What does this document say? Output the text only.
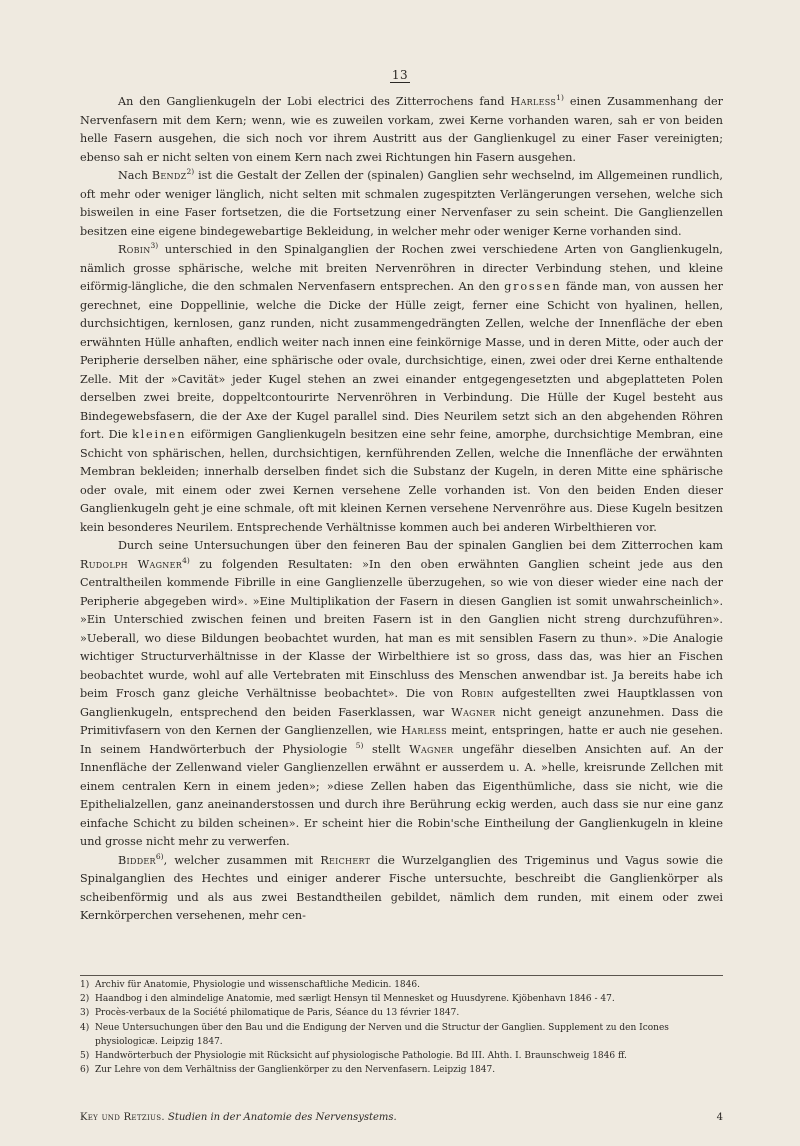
13

An den Ganglienkugeln der Lobi electrici des Zitterrochens fand Harless$^{1)}$ einen Zusammenhang der Nervenfasern mit dem Kern; wenn, wie es zuweilen vorkam, zwei Kerne vorhanden waren, sah er von beiden helle Fasern ausgehen, die sich noch vor ihrem Austritt aus der Ganglienkugel zu einer Faser vereinigten; ebenso sah er nicht selten von einem Kern nach zwei Richtungen hin Fasern ausgehen.

Nach Bendz$^{2)}$ ist die Gestalt der Zellen der (spinalen) Ganglien sehr wechselnd, im Allgemeinen rundlich, oft mehr oder weniger länglich, nicht selten mit schmalen zugespitzten Verlängerungen versehen, welche sich bisweilen in eine Faser fortsetzen, die die Fortsetzung einer Nervenfaser zu sein scheint. Die Ganglienzellen besitzen eine eigene bindegewebartige Bekleidung, in welcher mehr oder weniger Kerne vorhanden sind.

Robin$^{3)}$ unterschied in den Spinalganglien der Rochen zwei verschiedene Arten von Ganglienkugeln, nämlich grosse sphärische, welche mit breiten Nervenröhren in directer Verbindung stehen, und kleine eiförmig-längliche, die den schmalen Nervenfasern entsprechen. An den grossen fände man, von aussen her gerechnet, eine Doppellinie, welche die Dicke der Hülle zeigt, ferner eine Schicht von hyalinen, hellen, durchsichtigen, kernlosen, ganz runden, nicht zusammengedrängten Zellen, welche der Innenfläche der eben erwähnten Hülle anhaften, endlich weiter nach innen eine feinkörnige Masse, und in deren Mitte, oder auch der Peripherie derselben näher, eine sphärische oder ovale, durchsichtige, einen, zwei oder drei Kerne enthaltende Zelle. Mit der »Cavität» jeder Kugel stehen an zwei einander entgegengesetzten und abgeplatteten Polen derselben zwei breite, doppeltcontourirte Nervenröhren in Verbindung. Die Hülle der Kugel besteht aus Bindegewebsfasern, die der Axe der Kugel parallel sind. Dies Neurilem setzt sich an den abgehenden Röhren fort. Die kleinen eiförmigen Ganglienkugeln besitzen eine sehr feine, amorphe, durchsichtige Membran, eine Schicht von sphärischen, hellen, durchsichtigen, kernführenden Zellen, welche die Innenfläche der erwähnten Membran bekleiden; innerhalb derselben findet sich die Substanz der Kugeln, in deren Mitte eine sphärische oder ovale, mit einem oder zwei Kernen versehene Zelle vorhanden ist. Von den beiden Enden dieser Ganglienkugeln geht je eine schmale, oft mit kleinen Kernen versehene Nervenröhre aus. Diese Kugeln besitzen kein besonderes Neurilem. Entsprechende Verhältnisse kommen auch bei anderen Wirbelthieren vor.

Durch seine Untersuchungen über den feineren Bau der spinalen Ganglien bei dem Zitterrochen kam Rudolph Wagner$^{4)}$ zu folgenden Resultaten: »In den oben erwähnten Ganglien scheint jede aus den Centraltheilen kommende Fibrille in eine Ganglienzelle überzugehen, so wie von dieser wieder eine nach der Peripherie abgegeben wird». »Eine Multiplikation der Fasern in diesen Ganglien ist somit unwahrscheinlich». »Ein Unterschied zwischen feinen und breiten Fasern ist in den Ganglien nicht streng durchzuführen». »Ueberall, wo diese Bildungen beobachtet wurden, hat man es mit sensiblen Fasern zu thun». »Die Analogie wichtiger Structurverhältnisse in der Klasse der Wirbelthiere ist so gross, dass das, was hier an Fischen beobachtet wurde, wohl auf alle Vertebraten mit Einschluss des Menschen anwendbar ist. Ja bereits habe ich beim Frosch ganz gleiche Verhältnisse beobachtet». Die von Robin aufgestellten zwei Hauptklassen von Ganglienkugeln, entsprechend den beiden Faserklassen, war Wagner nicht geneigt anzunehmen. Dass die Primitivfasern von den Kernen der Ganglienzellen, wie Harless meint, entspringen, hatte er auch nie gesehen. In seinem Handwörterbuch der Physiologie $^{5)}$ stellt Wagner ungefähr dieselben Ansichten auf. An der Innenfläche der Zellenwand vieler Ganglienzellen erwähnt er ausserdem u. A. »helle, kreisrunde Zellchen mit einem centralen Kern in einem jeden»; »diese Zellen haben das Eigenthümliche, dass sie nicht, wie die Epithelialzellen, ganz aneinanderstossen und durch ihre Berührung eckig werden, auch dass sie nur eine ganz einfache Schicht zu bilden scheinen». Er scheint hier die Robin'sche Eintheilung der Ganglienkugeln in kleine und grosse nicht mehr zu verwerfen.

Bidder$^{6)}$, welcher zusammen mit Reichert die Wurzelganglien des Trigeminus und Vagus sowie die Spinalganglien des Hechtes und einiger anderer Fische untersuchte, beschreibt die Ganglienkörper als scheibenförmig und als aus zwei Bestandtheilen gebildet, nämlich dem runden, mit einem oder zwei Kernkörperchen versehenen, mehr cen-

1) Archiv für Anatomie, Physiologie und wissenschaftliche Medicin. 1846.
2) Haandbog i den almindelige Anatomie, med særligt Hensyn til Mennesket og Huusdyrene. Kjöbenhavn 1846 - 47.
3) Procès-verbaux de la Société philomatique de Paris, Séance du 13 février 1847.
4) Neue Untersuchungen über den Bau und die Endigung der Nerven und die Structur der Ganglien. Supplement zu den Icones physiologicæ. Leipzig 1847.
5) Handwörterbuch der Physiologie mit Rücksicht auf physiologische Pathologie. Bd III. Ahth. I. Braunschweig 1846 ff.
6) Zur Lehre von dem Verhältniss der Ganglienkörper zu den Nervenfasern. Leipzig 1847.
Key und Retzius. Studien in der Anatomie des Nervensystems.	4
